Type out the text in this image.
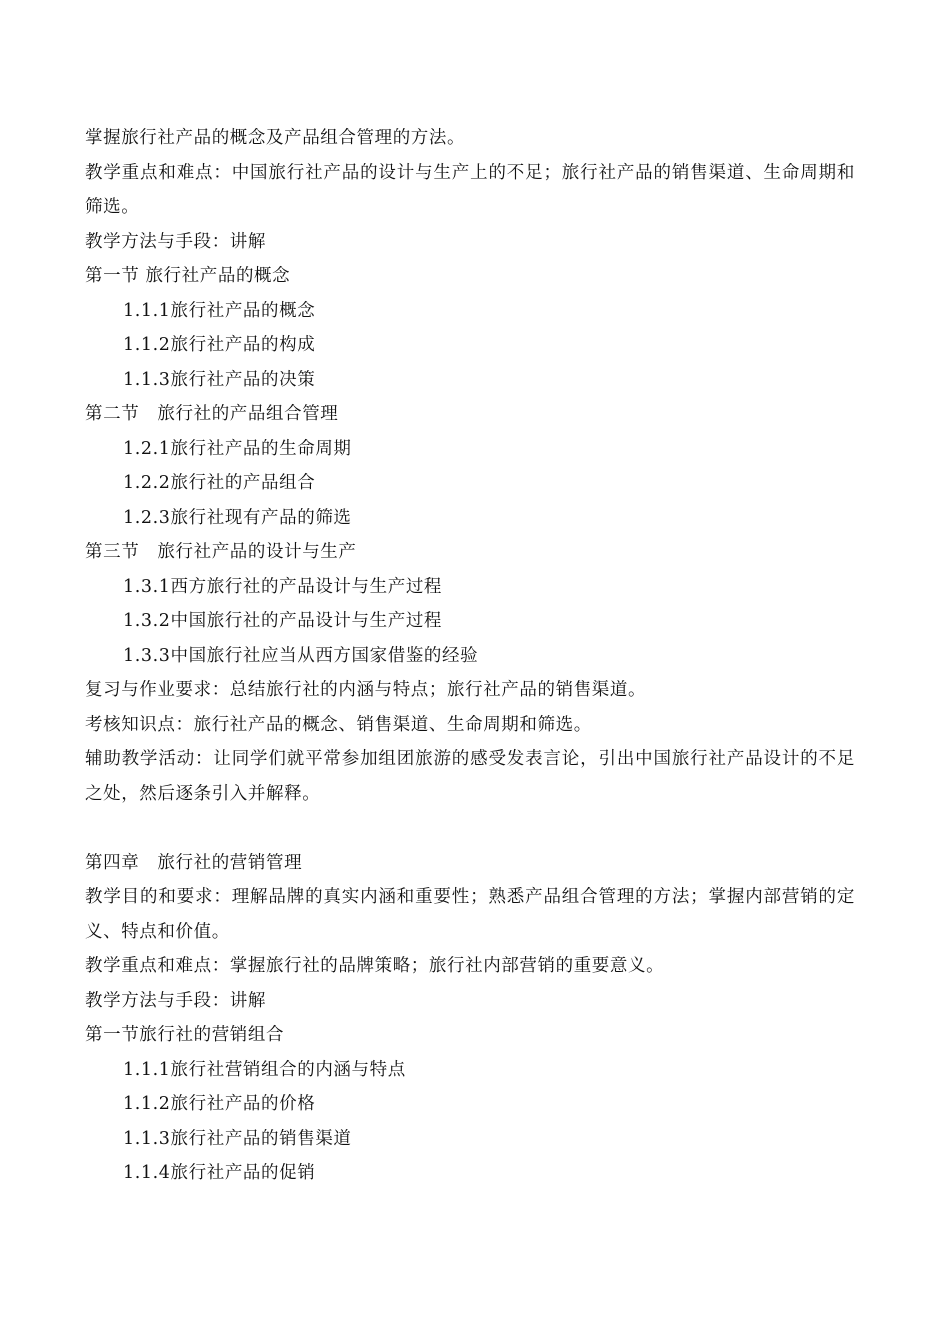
掌握旅行社产品的概念及产品组合管理的方法。
教学重点和难点：中国旅行社产品的设计与生产上的不足；旅行社产品的销售渠道、生命周期和筛选。
教学方法与手段：讲解
第一节 旅行社产品的概念
1.1.1旅行社产品的概念
1.1.2旅行社产品的构成
1.1.3旅行社产品的决策
第二节　旅行社的产品组合管理
1.2.1旅行社产品的生命周期
1.2.2旅行社的产品组合
1.2.3旅行社现有产品的筛选
第三节　旅行社产品的设计与生产
1.3.1西方旅行社的产品设计与生产过程
1.3.2中国旅行社的产品设计与生产过程
1.3.3中国旅行社应当从西方国家借鉴的经验
复习与作业要求：总结旅行社的内涵与特点；旅行社产品的销售渠道。
考核知识点：旅行社产品的概念、销售渠道、生命周期和筛选。
辅助教学活动：让同学们就平常参加组团旅游的感受发表言论，引出中国旅行社产品设计的不足之处，然后逐条引入并解释。
第四章　旅行社的营销管理
教学目的和要求：理解品牌的真实内涵和重要性；熟悉产品组合管理的方法；掌握内部营销的定义、特点和价值。
教学重点和难点：掌握旅行社的品牌策略；旅行社内部营销的重要意义。
教学方法与手段：讲解
第一节旅行社的营销组合
1.1.1旅行社营销组合的内涵与特点
1.1.2旅行社产品的价格
1.1.3旅行社产品的销售渠道
1.1.4旅行社产品的促销
